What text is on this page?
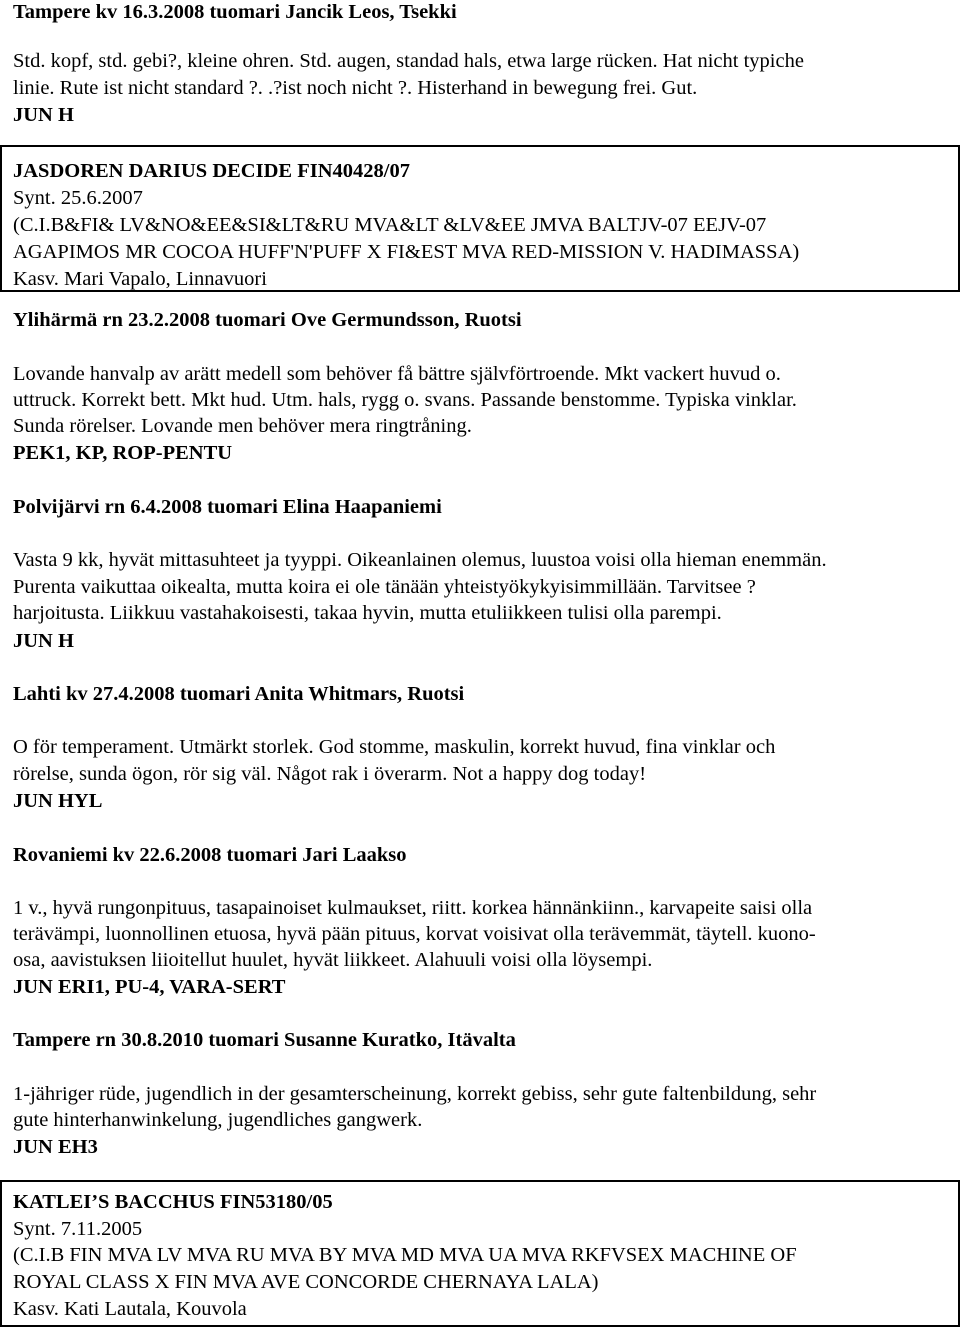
Tampere kv 16.3.2008 tuomari Jancik Leos, Tsekki
Std. kopf, std. gebi?, kleine ohren. Std. augen, standad hals, etwa large rücken. Hat nicht typiche
linie. Rute ist nicht standard ?. .?ist noch nicht ?. Histerhand in bewegung frei. Gut.
JUN H
JASDOREN DARIUS DECIDE FIN40428/07
Synt. 25.6.2007
(C.I.B&FI& LV&NO&EE&SI&LT&RU MVA&LT &LV&EE JMVA BALTJV-07 EEJV-07
AGAPIMOS MR COCOA HUFF'N'PUFF X FI&EST MVA RED-MISSION V. HADIMASSA)
Kasv. Mari Vapalo, Linnavuori
Ylihärmä rn 23.2.2008 tuomari Ove Germundsson, Ruotsi
Lovande hanvalp av arätt medell som behöver få bättre självförtroende. Mkt vackert huvud o.
uttruck. Korrekt bett. Mkt hud. Utm. hals, rygg o. svans. Passande benstomme. Typiska vinklar.
Sunda rörelser. Lovande men behöver mera ringtråning.
PEK1, KP, ROP-PENTU
Polvijärvi rn 6.4.2008 tuomari Elina Haapaniemi
Vasta 9 kk, hyvät mittasuhteet ja tyyppi. Oikeanlainen olemus, luustoa voisi olla hieman enemmän.
Purenta vaikuttaa oikealta, mutta koira ei ole tänään yhteistyökykyisimmillään. Tarvitsee ?
harjoitusta. Liikkuu vastahakoisesti, takaa hyvin, mutta etuliikkeen tulisi olla parempi.
JUN H
Lahti kv 27.4.2008 tuomari Anita Whitmars, Ruotsi
O för temperament. Utmärkt storlek. God stomme, maskulin, korrekt huvud, fina vinklar och
rörelse, sunda ögon, rör sig väl. Något rak i överarm. Not a happy dog today!
JUN HYL
Rovaniemi kv 22.6.2008 tuomari Jari Laakso
1 v., hyvä rungonpituus, tasapainoiset kulmaukset, riitt. korkea hännänkiinn., karvapeite saisi olla
terävämpi, luonnollinen etuosa, hyvä pään pituus, korvat voisivat olla terävemmät, täytell. kuono-
osa, aavistuksen liioitellut huulet, hyvät liikkeet. Alahuuli voisi olla löysempi.
JUN ERI1, PU-4, VARA-SERT
Tampere rn 30.8.2010 tuomari Susanne Kuratko, Itävalta
1-jähriger rüde, jugendlich in der gesamterscheinung, korrekt gebiss, sehr gute faltenbildung, sehr
gute hinterhanwinkelung, jugendliches gangwerk.
JUN EH3
KATLEI’S BACCHUS FIN53180/05
Synt. 7.11.2005
(C.I.B FIN MVA LV MVA RU MVA BY MVA MD MVA UA MVA RKFVSEX MACHINE OF
ROYAL CLASS X FIN MVA AVE CONCORDE CHERNAYA LALA)
Kasv. Kati Lautala, Kouvola
